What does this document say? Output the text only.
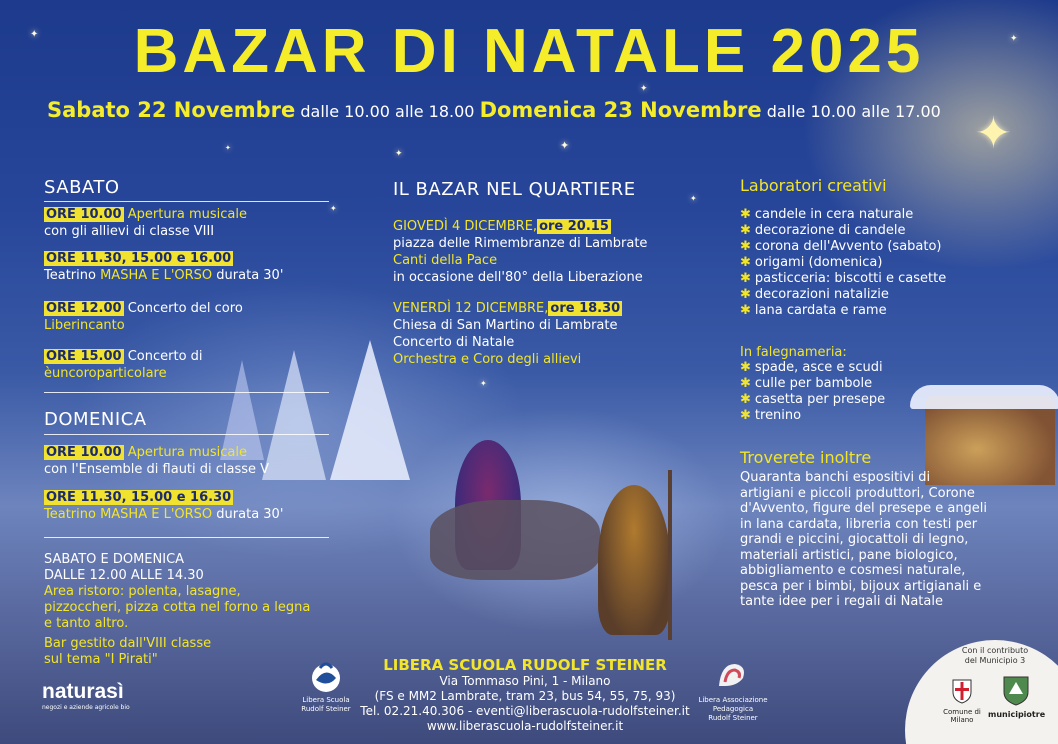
✦
✦
✦
✦
✦
✦
✦
✦
✦
✦
BAZAR DI NATALE 2025
Sabato 22 Novembre dalle 10.00 alle 18.00 Domenica 23 Novembre dalle 10.00 alle 17.00
SABATO
ORE 10.00 Apertura musicale
con gli allievi di classe VIII
ORE 11.30, 15.00 e 16.00
Teatrino MASHA E L'ORSO durata 30'
ORE 12.00 Concerto del coro
Liberincanto
ORE 15.00 Concerto di
èuncoroparticolare
DOMENICA
ORE 10.00 Apertura musicale
con l'Ensemble di flauti di classe V
ORE 11.30, 15.00 e 16.30
Teatrino MASHA E L'ORSO durata 30'
SABATO E DOMENICA
DALLE 12.00 ALLE 14.30
Area ristoro: polenta, lasagne,
pizzoccheri, pizza cotta nel forno a legna
e tanto altro.
Bar gestito dall'VIII classe
sul tema "I Pirati"
naturasì
negozi e aziende agricole bio
IL BAZAR NEL QUARTIERE
GIOVEDÌ 4 DICEMBRE, ore 20.15
piazza delle Rimembranze di Lambrate
Canti della Pace
in occasione dell'80° della Liberazione
VENERDÌ 12 DICEMBRE, ore 18.30
Chiesa di San Martino di Lambrate
Concerto di Natale
Orchestra e Coro degli allievi
Laboratori creativi
✱ candele in cera naturale
✱ decorazione di candele
✱ corona dell'Avvento (sabato)
✱ origami (domenica)
✱ pasticceria: biscotti e casette
✱ decorazioni natalizie
✱ lana cardata e rame
In falegnameria:
✱ spade, asce e scudi
✱ culle per bambole
✱ casetta per presepe
✱ trenino
Troverete inoltre
Quaranta banchi espositivi di
artigiani e piccoli produttori, Corone
d'Avvento, figure del presepe e angeli
in lana cardata, libreria con testi per
grandi e piccini, giocattoli di legno,
materiali artistici, pane biologico,
abbigliamento e cosmesi naturale,
pesca per i bimbi, bijoux artigianali e
tante idee per i regali di Natale
Libera Scuola
Rudolf Steiner
LIBERA SCUOLA RUDOLF STEINER
Via Tommaso Pini, 1 - Milano
(FS e MM2 Lambrate, tram 23, bus 54, 55, 75, 93)
Tel. 02.21.40.306 - eventi@liberascuola-rudolfsteiner.it
www.liberascuola-rudolfsteiner.it
Libera Associazione
Pedagogica
Rudolf Steiner
Con il contributo
del Municipio 3
Comune di
Milano
municipiotre
